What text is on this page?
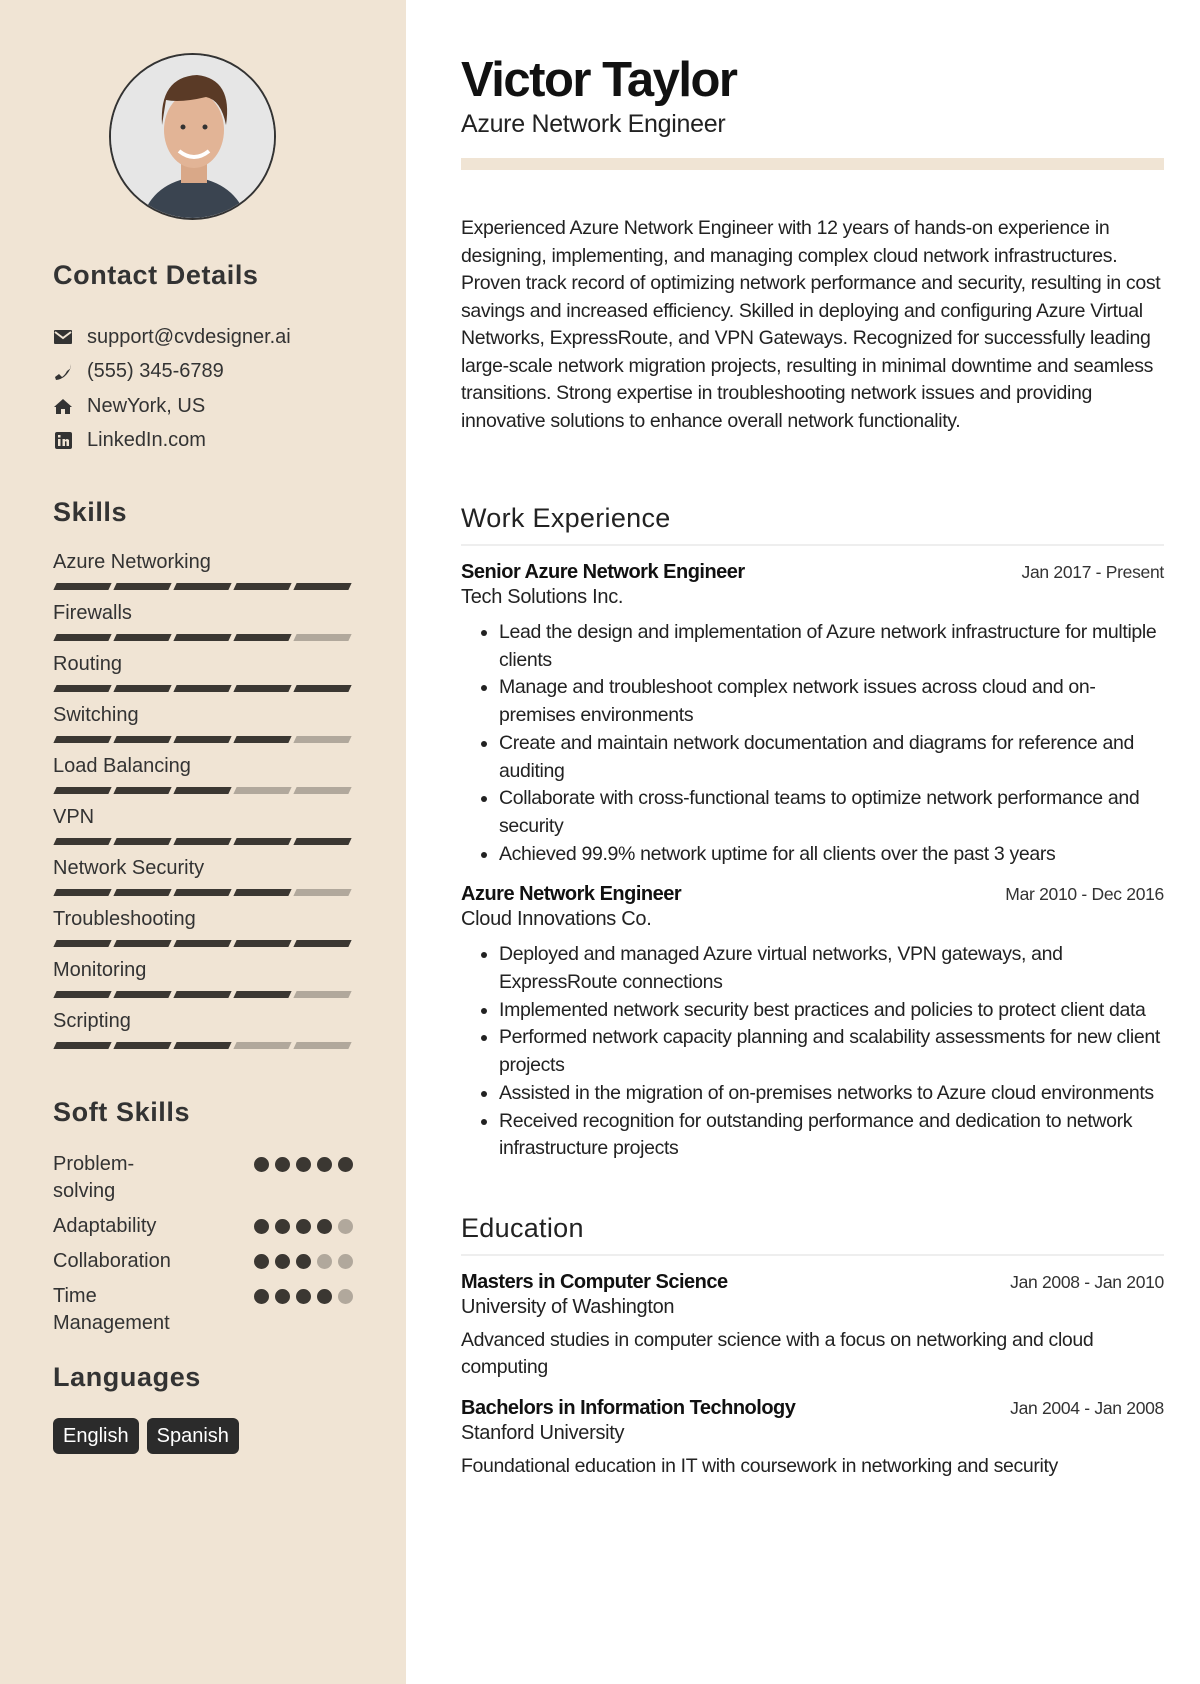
Contact Details
support@cvdesigner.ai
(555) 345-6789
NewYork, US
LinkedIn.com
Skills
Azure Networking
Firewalls
Routing
Switching
Load Balancing
VPN
Network Security
Troubleshooting
Monitoring
Scripting
Soft Skills
Problem-solving
Adaptability
Collaboration
Time Management
Languages
English	Spanish
Victor Taylor
Azure Network Engineer
Experienced Azure Network Engineer with 12 years of hands-on experience in designing, implementing, and managing complex cloud network infrastructures. Proven track record of optimizing network performance and security, resulting in cost savings and increased efficiency. Skilled in deploying and configuring Azure Virtual Networks, ExpressRoute, and VPN Gateways. Recognized for successfully leading large-scale network migration projects, resulting in minimal downtime and seamless transitions. Strong expertise in troubleshooting network issues and providing innovative solutions to enhance overall network functionality.
Work Experience
Senior Azure Network Engineer	Jan 2017 - Present
Tech Solutions Inc.
• Lead the design and implementation of Azure network infrastructure for multiple clients
• Manage and troubleshoot complex network issues across cloud and on-premises environments
• Create and maintain network documentation and diagrams for reference and auditing
• Collaborate with cross-functional teams to optimize network performance and security
• Achieved 99.9% network uptime for all clients over the past 3 years
Azure Network Engineer	Mar 2010 - Dec 2016
Cloud Innovations Co.
• Deployed and managed Azure virtual networks, VPN gateways, and ExpressRoute connections
• Implemented network security best practices and policies to protect client data
• Performed network capacity planning and scalability assessments for new client projects
• Assisted in the migration of on-premises networks to Azure cloud environments
• Received recognition for outstanding performance and dedication to network infrastructure projects
Education
Masters in Computer Science	Jan 2008 - Jan 2010
University of Washington
Advanced studies in computer science with a focus on networking and cloud computing
Bachelors in Information Technology	Jan 2004 - Jan 2008
Stanford University
Foundational education in IT with coursework in networking and security
